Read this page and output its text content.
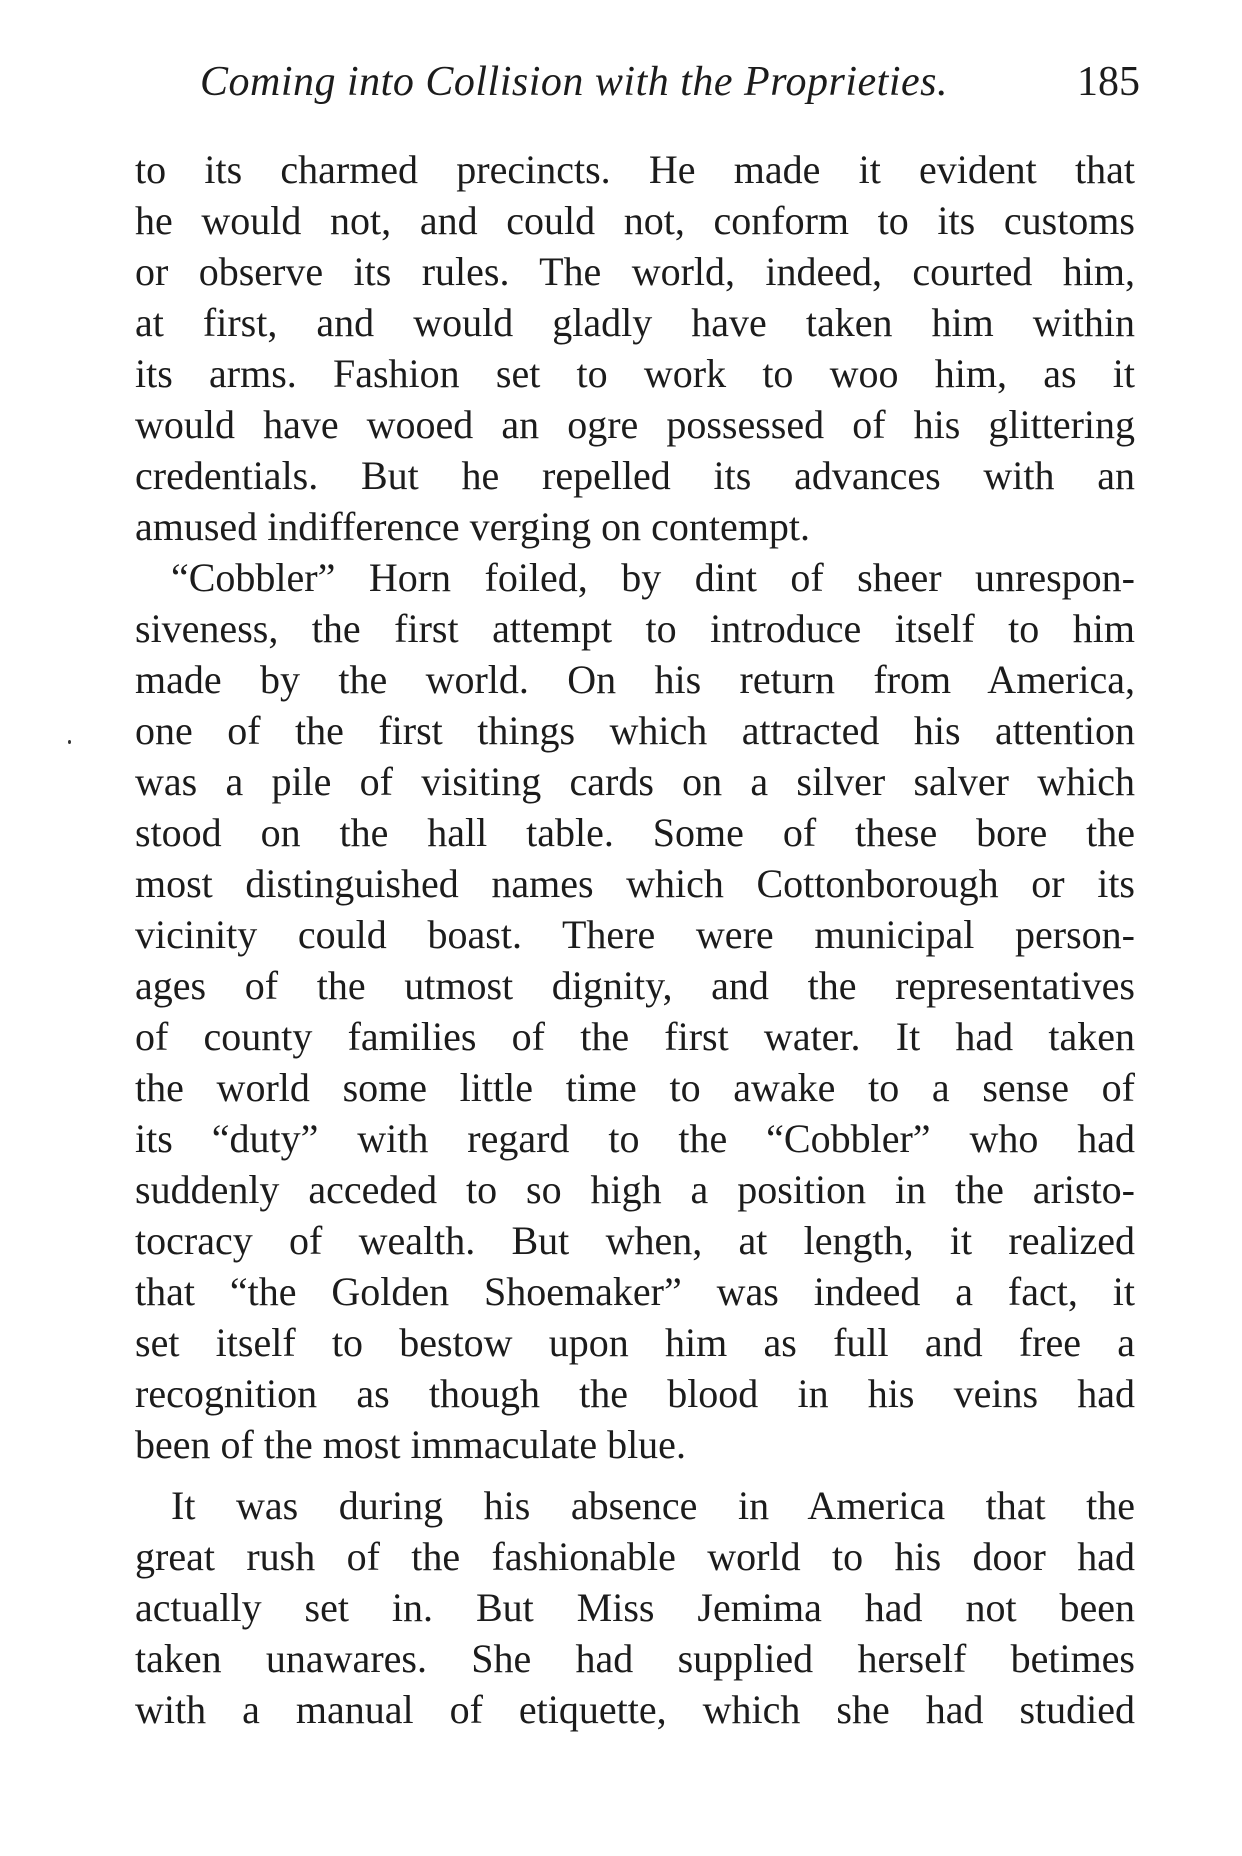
Coming into Collision with the Proprieties.	185
to its charmed precincts. He made it evident that
he would not, and could not, conform to its customs
or observe its rules. The world, indeed, courted him,
at first, and would gladly have taken him within
its arms. Fashion set to work to woo him, as it
would have wooed an ogre possessed of his glittering
credentials. But he repelled its advances with an
amused indifference verging on contempt.
“Cobbler” Horn foiled, by dint of sheer unrespon-
siveness, the first attempt to introduce itself to him
made by the world. On his return from America,
one of the first things which attracted his attention
was a pile of visiting cards on a silver salver which
stood on the hall table. Some of these bore the
most distinguished names which Cottonborough or its
vicinity could boast. There were municipal person-
ages of the utmost dignity, and the representatives
of county families of the first water. It had taken
the world some little time to awake to a sense of
its “duty” with regard to the “Cobbler” who had
suddenly acceded to so high a position in the aristo-
tocracy of wealth. But when, at length, it realized
that “the Golden Shoemaker” was indeed a fact, it
set itself to bestow upon him as full and free a
recognition as though the blood in his veins had
been of the most immaculate blue.
It was during his absence in America that the
great rush of the fashionable world to his door had
actually set in. But Miss Jemima had not been
taken unawares. She had supplied herself betimes
with a manual of etiquette, which she had studied
